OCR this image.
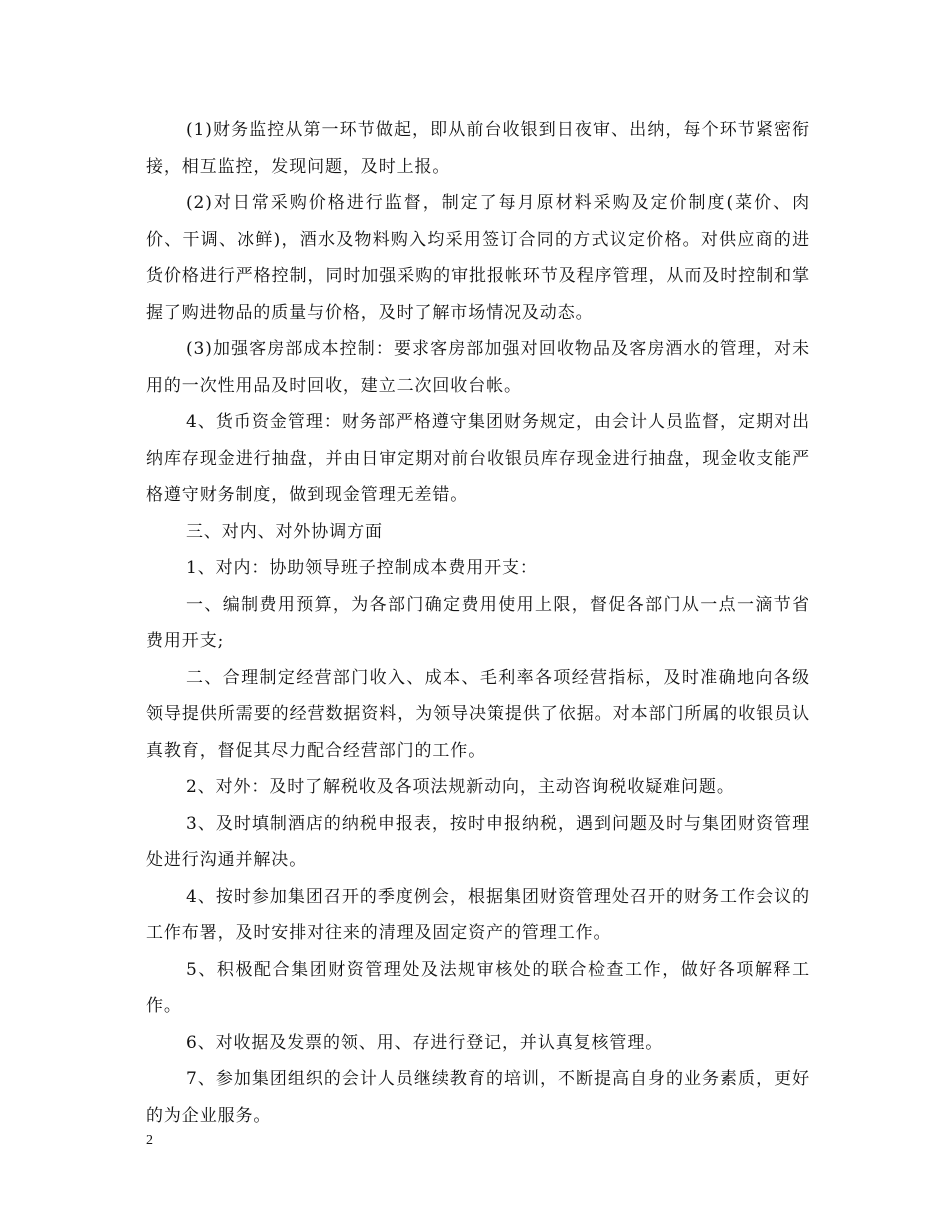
(1)财务监控从第一环节做起，即从前台收银到日夜审、出纳，每个环节紧密衔接，相互监控，发现问题，及时上报。

(2)对日常采购价格进行监督，制定了每月原材料采购及定价制度(菜价、肉价、干调、冰鲜)，酒水及物料购入均采用签订合同的方式议定价格。对供应商的进货价格进行严格控制，同时加强采购的审批报帐环节及程序管理，从而及时控制和掌握了购进物品的质量与价格，及时了解市场情况及动态。

(3)加强客房部成本控制：要求客房部加强对回收物品及客房酒水的管理，对未用的一次性用品及时回收，建立二次回收台帐。

4、货币资金管理：财务部严格遵守集团财务规定，由会计人员监督，定期对出纳库存现金进行抽盘，并由日审定期对前台收银员库存现金进行抽盘，现金收支能严格遵守财务制度，做到现金管理无差错。

三、对内、对外协调方面

1、对内：协助领导班子控制成本费用开支：

一、编制费用预算，为各部门确定费用使用上限，督促各部门从一点一滴节省费用开支;

二、合理制定经营部门收入、成本、毛利率各项经营指标，及时准确地向各级领导提供所需要的经营数据资料，为领导决策提供了依据。对本部门所属的收银员认真教育，督促其尽力配合经营部门的工作。

2、对外：及时了解税收及各项法规新动向，主动咨询税收疑难问题。

3、及时填制酒店的纳税申报表，按时申报纳税，遇到问题及时与集团财资管理处进行沟通并解决。

4、按时参加集团召开的季度例会，根据集团财资管理处召开的财务工作会议的工作布署，及时安排对往来的清理及固定资产的管理工作。

5、积极配合集团财资管理处及法规审核处的联合检查工作，做好各项解释工作。

6、对收据及发票的领、用、存进行登记，并认真复核管理。

7、参加集团组织的会计人员继续教育的培训，不断提高自身的业务素质，更好的为企业服务。

2
